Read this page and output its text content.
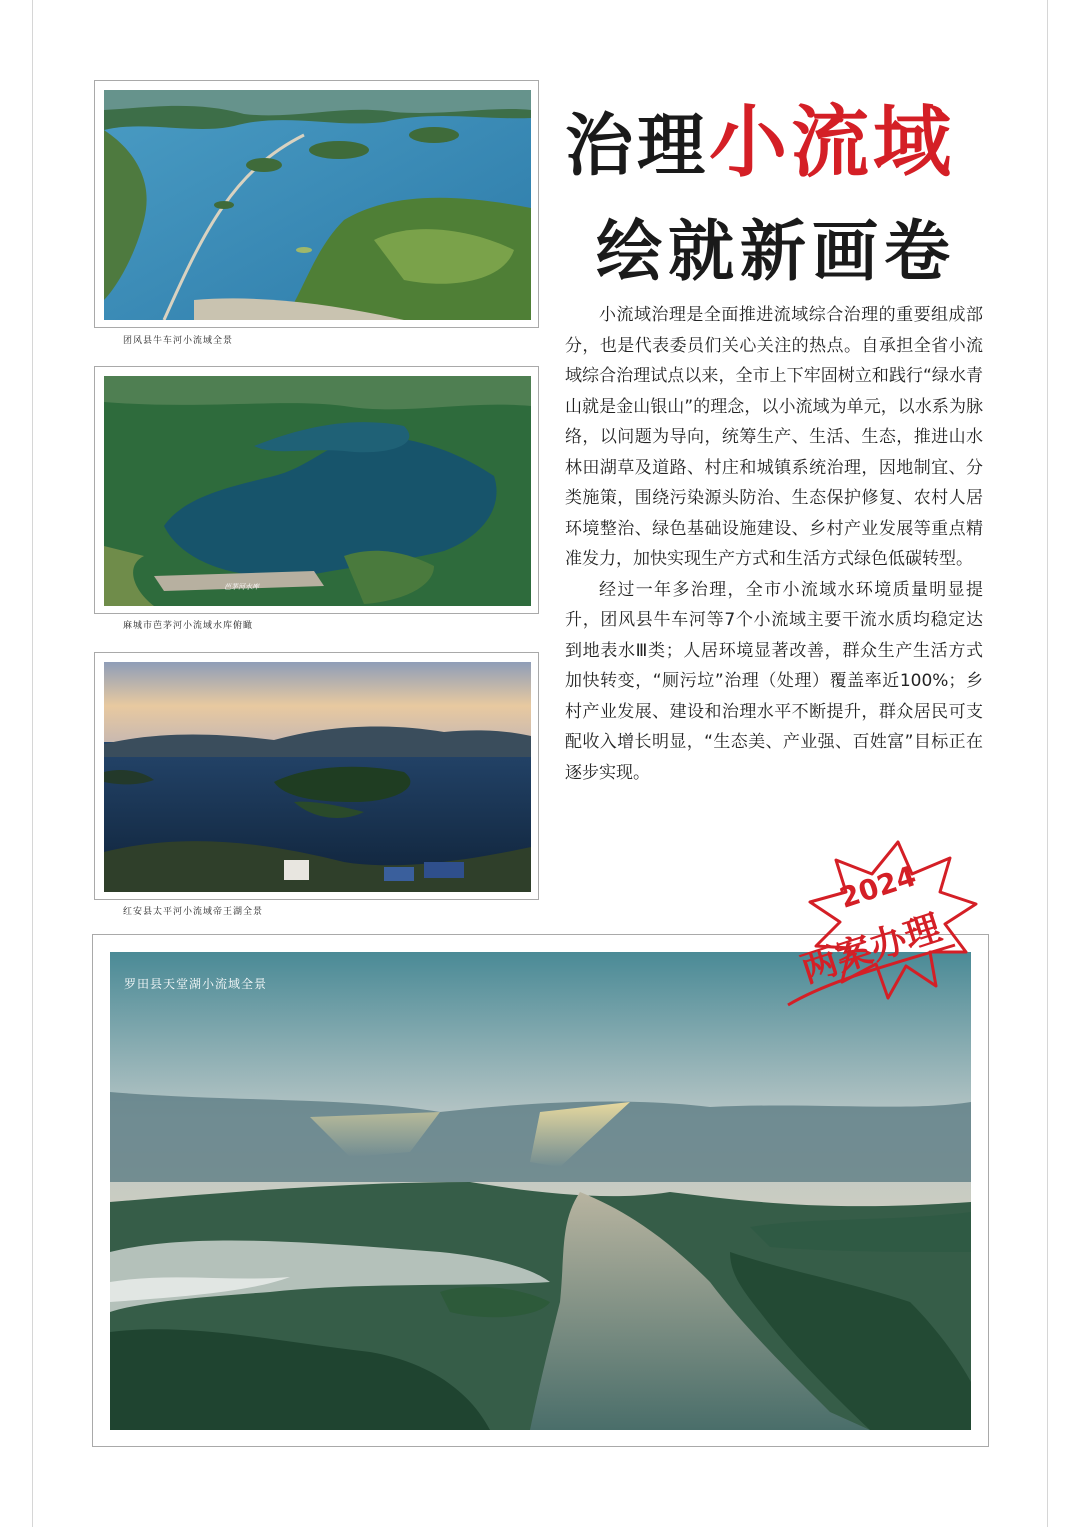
团风县牛车河小流域全景
芭茅河水库
麻城市芭茅河小流域水库俯瞰
红安县太平河小流域帝王湖全景
治理小流域
绘就新画卷

小流域治理是全面推进流域综合治理的重要组成部分，也是代表委员们关心关注的热点。自承担全省小流域综合治理试点以来，全市上下牢固树立和践行“绿水青山就是金山银山”的理念，以小流域为单元，以水系为脉络，以问题为导向，统筹生产、生活、生态，推进山水林田湖草及道路、村庄和城镇系统治理，因地制宜、分类施策，围绕污染源头防治、生态保护修复、农村人居环境整治、绿色基础设施建设、乡村产业发展等重点精准发力，加快实现生产方式和生活方式绿色低碳转型。

经过一年多治理，全市小流域水环境质量明显提升，团风县牛车河等7个小流域主要干流水质均稳定达到地表水Ⅲ类；人居环境显著改善，群众生产生活方式加快转变，“厕污垃”治理（处理）覆盖率近100%；乡村产业发展、建设和治理水平不断提升，群众居民可支配收入增长明显，“生态美、产业强、百姓富”目标正在逐步实现。

罗田县天堂湖小流域全景
2024
两案办理
